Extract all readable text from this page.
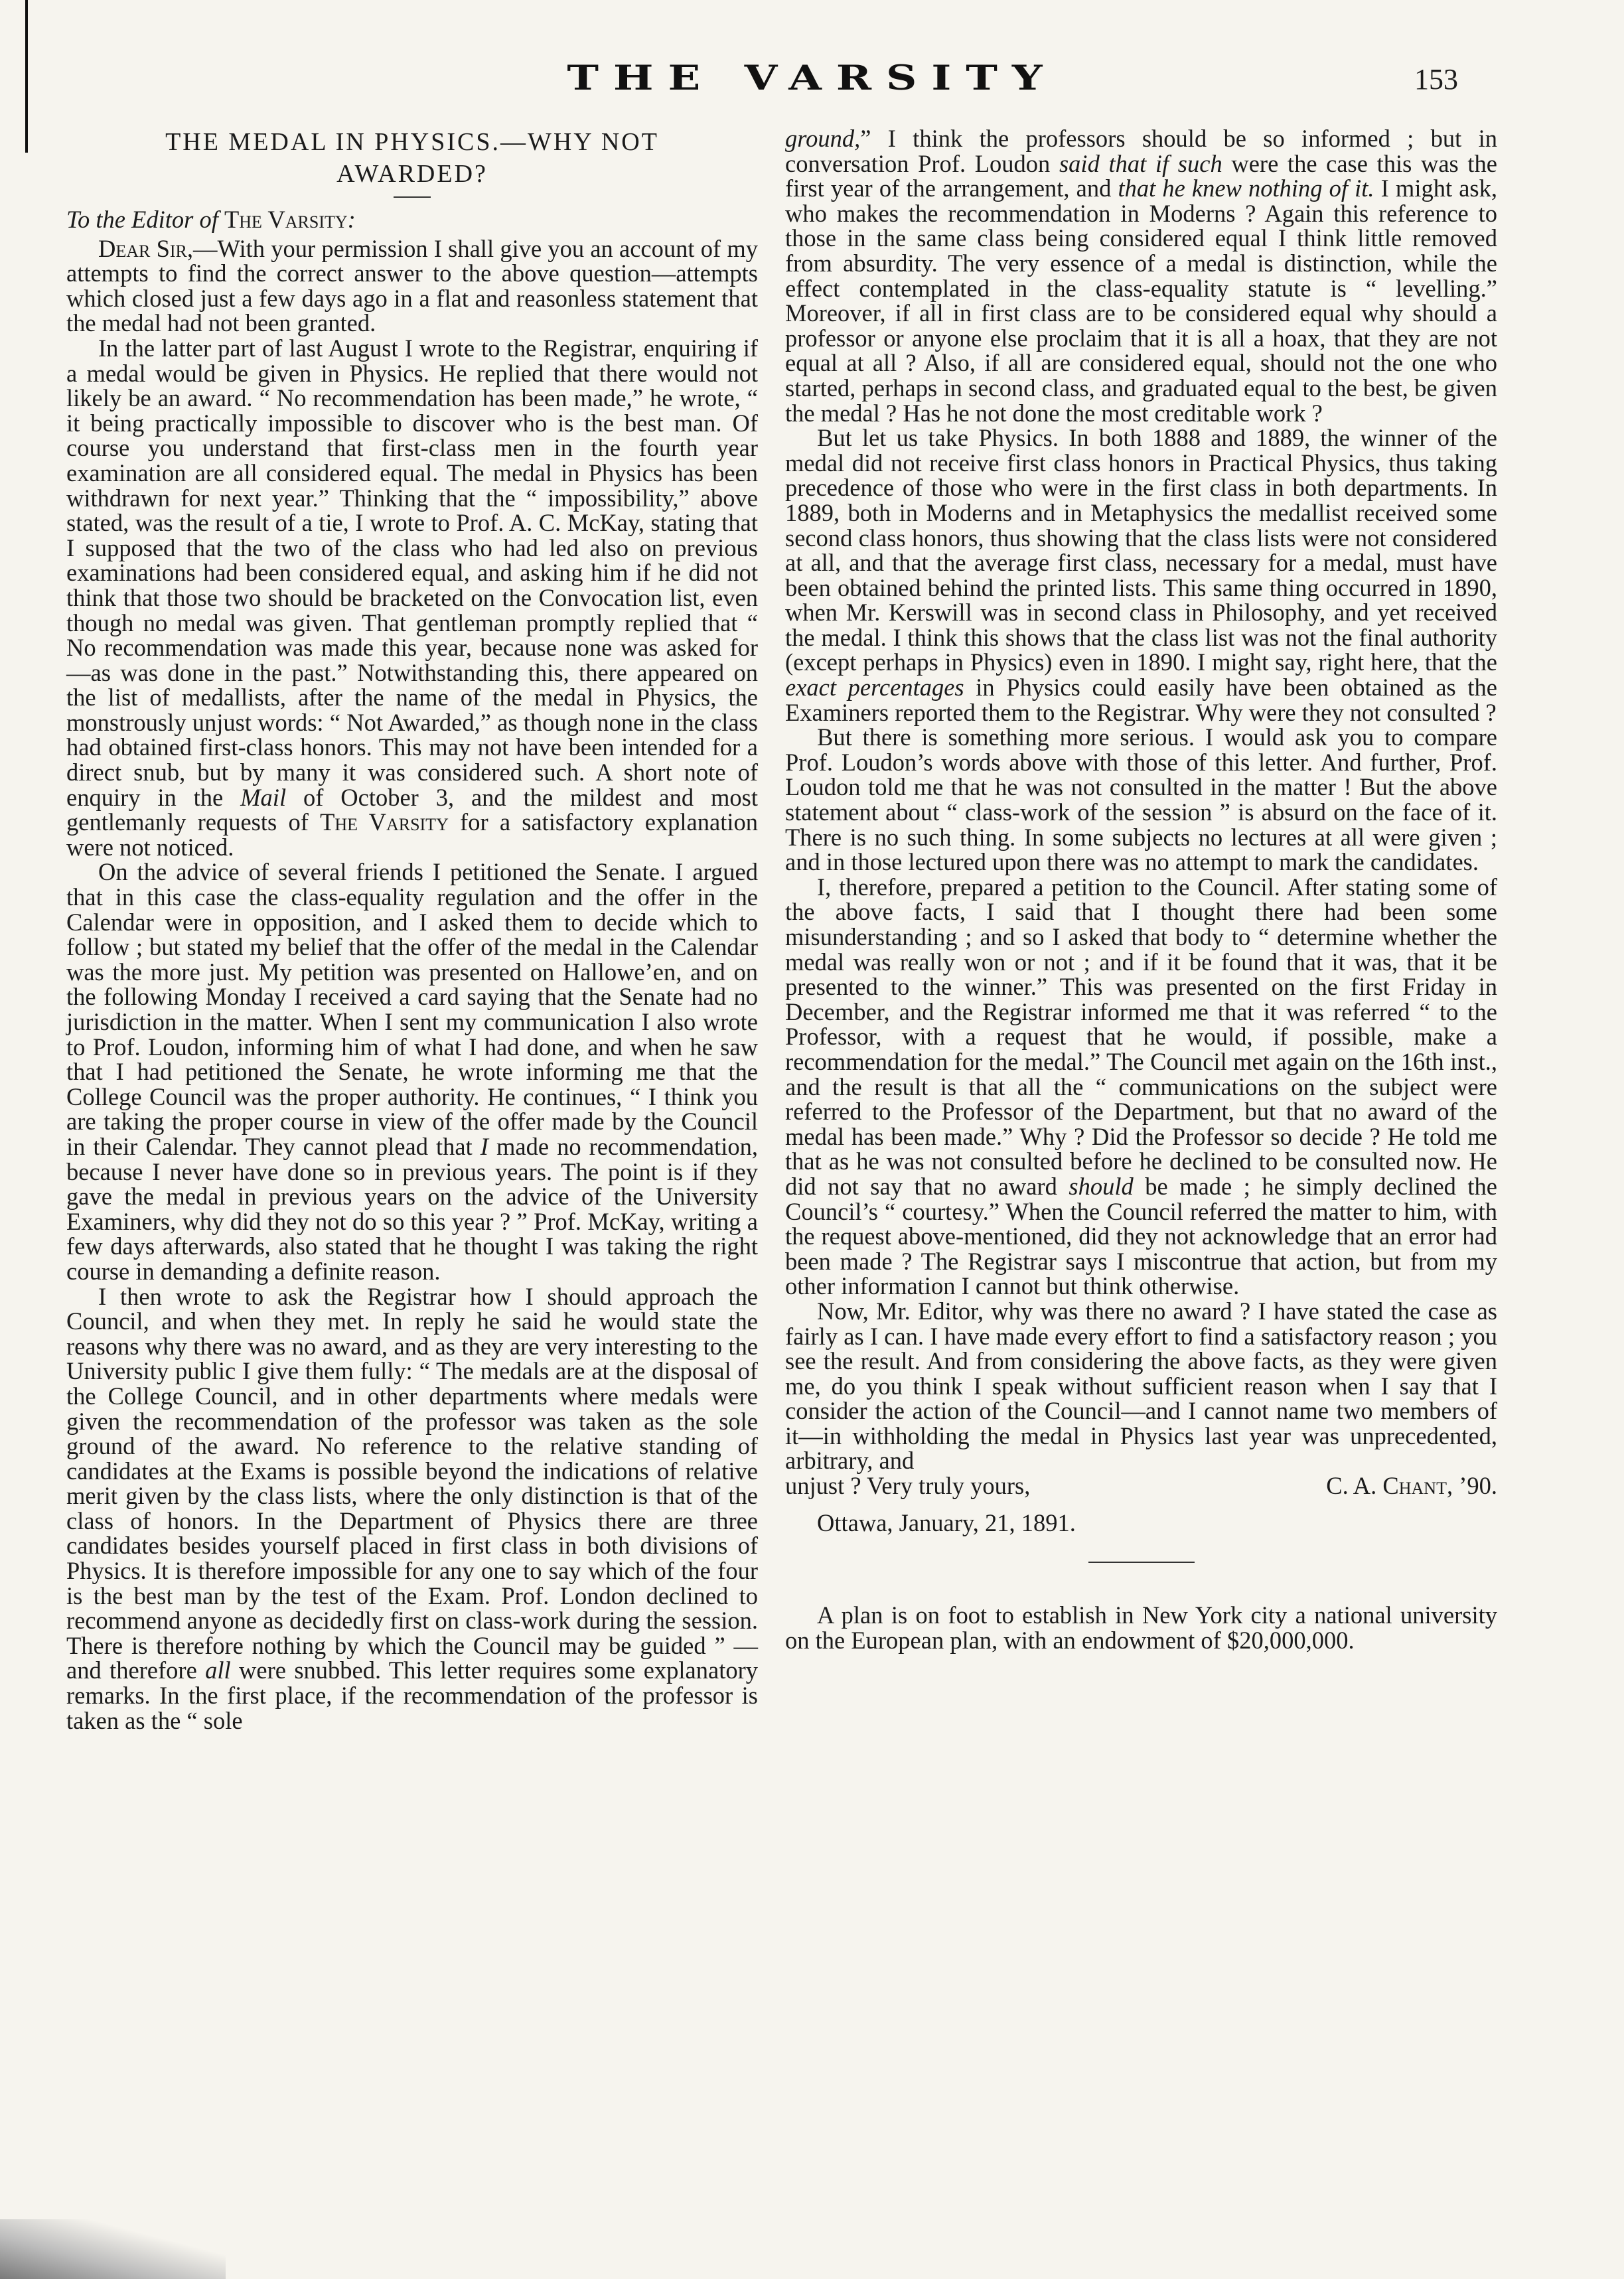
THE VARSITY	153
THE MEDAL IN PHYSICS.—WHY NOT
AWARDED?
To the Editor of The Varsity:

Dear Sir,—With your permission I shall give you an account of my attempts to find the correct answer to the above question—attempts which closed just a few days ago in a flat and reasonless statement that the medal had not been granted.

In the latter part of last August I wrote to the Registrar, enquiring if a medal would be given in Physics. He replied that there would not likely be an award. “ No recommendation has been made,” he wrote, “ it being practically impossible to discover who is the best man. Of course you understand that first-class men in the fourth year examination are all considered equal. The medal in Physics has been withdrawn for next year.” Thinking that the “ impossibility,” above stated, was the result of a tie, I wrote to Prof. A. C. McKay, stating that I supposed that the two of the class who had led also on previous examinations had been considered equal, and asking him if he did not think that those two should be bracketed on the Convocation list, even though no medal was given. That gentleman promptly replied that “ No recommendation was made this year, because none was asked for—as was done in the past.” Notwithstanding this, there appeared on the list of medallists, after the name of the medal in Physics, the monstrously unjust words: “ Not Awarded,” as though none in the class had obtained first-class honors. This may not have been intended for a direct snub, but by many it was considered such. A short note of enquiry in the Mail of October 3, and the mildest and most gentlemanly requests of The Varsity for a satisfactory explanation were not noticed.

On the advice of several friends I petitioned the Senate. I argued that in this case the class-equality regulation and the offer in the Calendar were in opposition, and I asked them to decide which to follow ; but stated my belief that the offer of the medal in the Calendar was the more just. My petition was presented on Hallowe’en, and on the following Monday I received a card saying that the Senate had no jurisdiction in the matter. When I sent my communication I also wrote to Prof. Loudon, informing him of what I had done, and when he saw that I had petitioned the Senate, he wrote informing me that the College Council was the proper authority. He continues, “ I think you are taking the proper course in view of the offer made by the Council in their Calendar. They cannot plead that I made no recommendation, because I never have done so in previous years. The point is if they gave the medal in previous years on the advice of the University Examiners, why did they not do so this year ? ” Prof. McKay, writing a few days afterwards, also stated that he thought I was taking the right course in demanding a definite reason.

I then wrote to ask the Registrar how I should approach the Council, and when they met. In reply he said he would state the reasons why there was no award, and as they are very interesting to the University public I give them fully: “ The medals are at the disposal of the College Council, and in other departments where medals were given the recommendation of the professor was taken as the sole ground of the award. No reference to the relative standing of candidates at the Exams is possible beyond the indications of relative merit given by the class lists, where the only distinction is that of the class of honors. In the Department of Physics there are three candidates besides yourself placed in first class in both divisions of Physics. It is therefore impossible for any one to say which of the four is the best man by the test of the Exam. Prof. London declined to recommend anyone as decidedly first on class-work during the session. There is therefore nothing by which the Council may be guided ” —and therefore all were snubbed. This letter requires some explanatory remarks. In the first place, if the recommendation of the professor is taken as the “ sole

ground,” I think the professors should be so informed ; but in conversation Prof. Loudon said that if such were the case this was the first year of the arrangement, and that he knew nothing of it. I might ask, who makes the recommendation in Moderns ? Again this reference to those in the same class being considered equal I think little removed from absurdity. The very essence of a medal is distinction, while the effect contemplated in the class-equality statute is “ levelling.” Moreover, if all in first class are to be considered equal why should a professor or anyone else proclaim that it is all a hoax, that they are not equal at all ? Also, if all are considered equal, should not the one who started, perhaps in second class, and graduated equal to the best, be given the medal ? Has he not done the most creditable work ?

But let us take Physics. In both 1888 and 1889, the winner of the medal did not receive first class honors in Practical Physics, thus taking precedence of those who were in the first class in both departments. In 1889, both in Moderns and in Metaphysics the medallist received some second class honors, thus showing that the class lists were not considered at all, and that the average first class, necessary for a medal, must have been obtained behind the printed lists. This same thing occurred in 1890, when Mr. Kerswill was in second class in Philosophy, and yet received the medal. I think this shows that the class list was not the final authority (except perhaps in Physics) even in 1890. I might say, right here, that the exact percentages in Physics could easily have been obtained as the Examiners reported them to the Registrar. Why were they not consulted ?

But there is something more serious. I would ask you to compare Prof. Loudon’s words above with those of this letter. And further, Prof. Loudon told me that he was not consulted in the matter ! But the above statement about “ class-work of the session ” is absurd on the face of it. There is no such thing. In some subjects no lectures at all were given ; and in those lectured upon there was no attempt to mark the candidates.

I, therefore, prepared a petition to the Council. After stating some of the above facts, I said that I thought there had been some misunderstanding ; and so I asked that body to “ determine whether the medal was really won or not ; and if it be found that it was, that it be presented to the winner.” This was presented on the first Friday in December, and the Registrar informed me that it was referred “ to the Professor, with a request that he would, if possible, make a recommendation for the medal.” The Council met again on the 16th inst., and the result is that all the “ communications on the subject were referred to the Professor of the Department, but that no award of the medal has been made.” Why ? Did the Professor so decide ? He told me that as he was not consulted before he declined to be consulted now. He did not say that no award should be made ; he simply declined the Council’s “ courtesy.” When the Council referred the matter to him, with the request above-mentioned, did they not acknowledge that an error had been made ? The Registrar says I miscontrue that action, but from my other information I cannot but think otherwise.

Now, Mr. Editor, why was there no award ? I have stated the case as fairly as I can. I have made every effort to find a satisfactory reason ; you see the result. And from considering the above facts, as they were given me, do you think I speak without sufficient reason when I say that I consider the action of the Council—and I cannot name two members of it—in withholding the medal in Physics last year was unprecedented, arbitrary, and

unjust ? Very truly yours,	C. A. Chant, ’90.

Ottawa, January, 21, 1891.

A plan is on foot to establish in New York city a national university on the European plan, with an endowment of $20,000,000.
